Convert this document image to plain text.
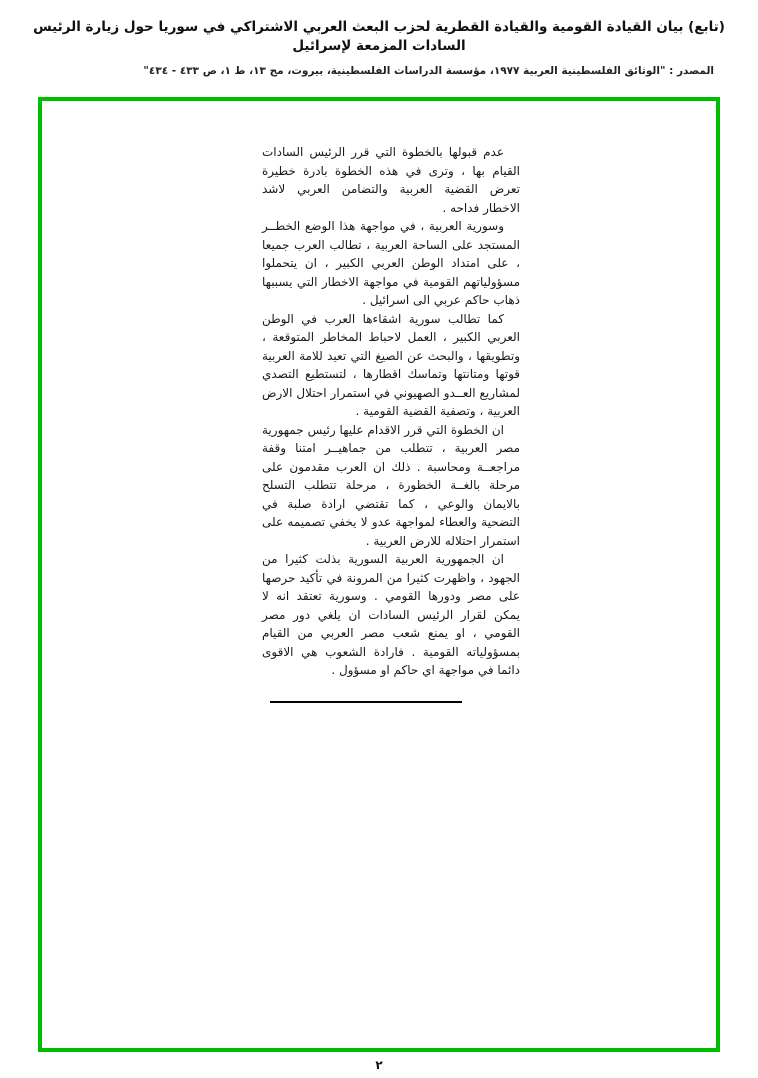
(تابع) بيان القيادة القومية والقيادة القطرية لحزب البعث العربي الاشتراكي في سوريا حول زيارة الرئيس السادات المزمعة لإسرائيل
المصدر : "الوثائق الفلسطينية العربية ١٩٧٧، مؤسسة الدراسات الفلسطينية، بيروت، مج ١٣، ط ١، ص ٤٣٣ - ٤٣٤"

عدم قبولها بالخطوة التي قرر الرئيس السادات القيام بها ، وترى في هذه الخطوة بادرة خطيرة تعرض القضية العربية والتضامن العربي لاشد الاخطار فداحه .

وسورية العربية ، في مواجهة هذا الوضع الخطــر المستجد على الساحة العربية ، تطالب العرب جميعا ، على امتداد الوطن العربي الكبير ، ان يتحملوا مسؤولياتهم القومية في مواجهة الاخطار التي يسببها ذهاب حاكم عربي الى اسرائيل .

كما تطالب سورية اشقاءها العرب في الوطن العربي الكبير ، العمل لاحباط المخاطر المتوقعة ، وتطويقها ، والبحث عن الصيغ التي تعيد للامة العربية قوتها ومتانتها وتماسك اقطارها ، لتستطيع التصدي لمشاريع العــدو الصهيوني في استمرار احتلال الارض العربية ، وتصفية القضية القومية .

ان الخطوة التي قرر الاقدام عليها رئيس جمهورية مصر العربية ، تتطلب من جماهيــر امتنا وقفة مراجعــة ومحاسبة . ذلك ان العرب مقدمون على مرحلة بالغــة الخطورة ، مرحلة تتطلب التسلح بالايمان والوعي ، كما تقتضي ارادة صلبة في التضحية والعطاء لمواجهة عدو لا يخفي تصميمه على استمرار احتلاله للارض العربية .

ان الجمهورية العربية السورية بذلت كثيرا من الجهود ، واظهرت كثيرا من المرونة في تأكيد حرصها على مصر ودورها القومي . وسورية تعتقد انه لا يمكن لقرار الرئيس السادات ان يلغي دور مصر القومي ، او يمنع شعب مصر العربي من القيام بمسؤولياته القومية . فارادة الشعوب هي الاقوى دائما في مواجهة اي حاكم او مسؤول .

٢
